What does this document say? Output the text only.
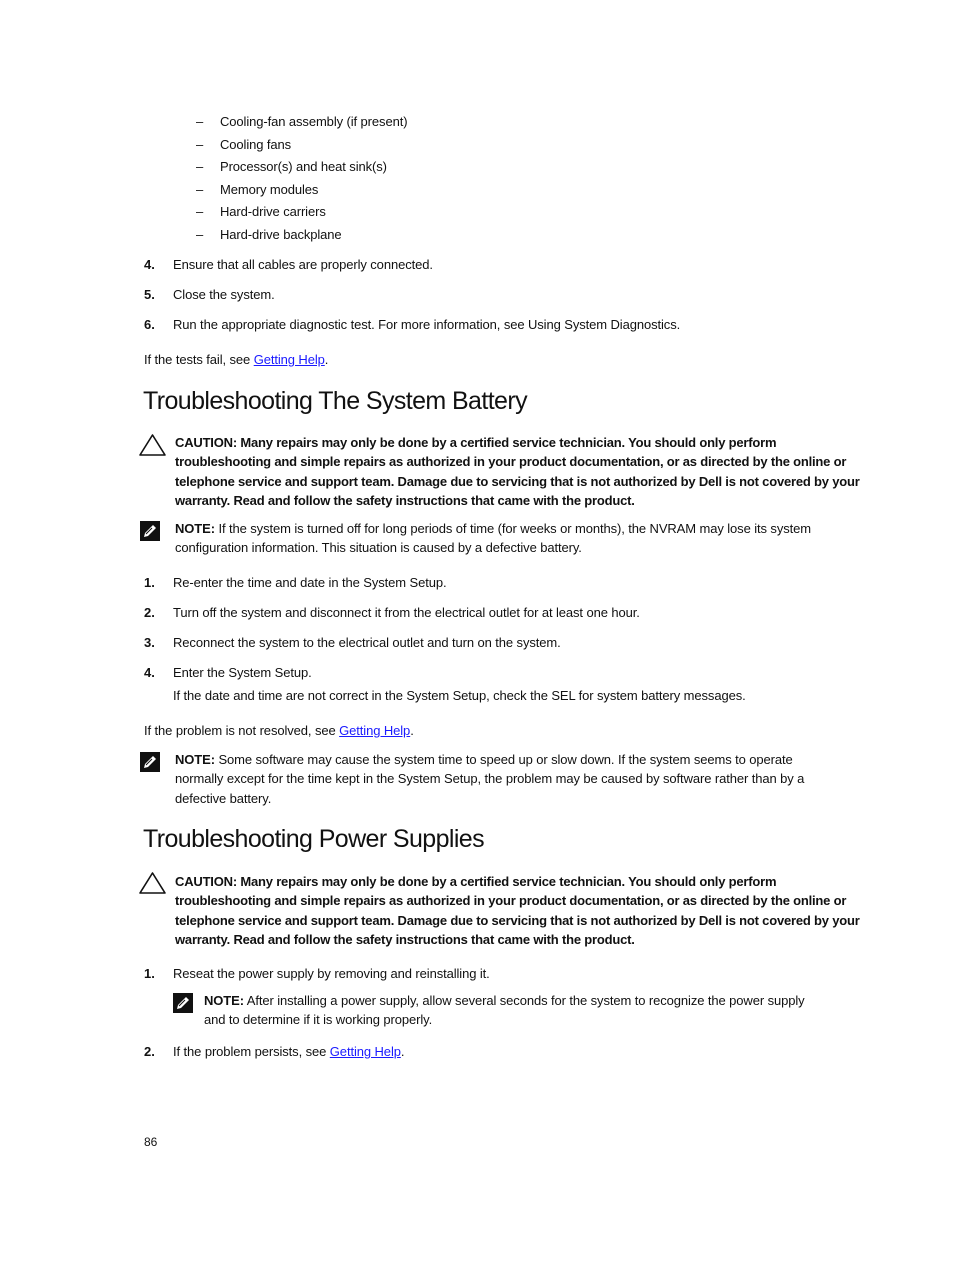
– Cooling-fan assembly (if present)
– Cooling fans
– Processor(s) and heat sink(s)
– Memory modules
– Hard-drive carriers
– Hard-drive backplane
4. Ensure that all cables are properly connected.
5. Close the system.
6. Run the appropriate diagnostic test. For more information, see Using System Diagnostics.
If the tests fail, see Getting Help.
Troubleshooting The System Battery
CAUTION: Many repairs may only be done by a certified service technician. You should only perform
troubleshooting and simple repairs as authorized in your product documentation, or as directed by the online or
telephone service and support team. Damage due to servicing that is not authorized by Dell is not covered by your
warranty. Read and follow the safety instructions that came with the product.
NOTE: If the system is turned off for long periods of time (for weeks or months), the NVRAM may lose its system
configuration information. This situation is caused by a defective battery.
1. Re-enter the time and date in the System Setup.
2. Turn off the system and disconnect it from the electrical outlet for at least one hour.
3. Reconnect the system to the electrical outlet and turn on the system.
4. Enter the System Setup.
If the date and time are not correct in the System Setup, check the SEL for system battery messages.
If the problem is not resolved, see Getting Help.
NOTE: Some software may cause the system time to speed up or slow down. If the system seems to operate
normally except for the time kept in the System Setup, the problem may be caused by software rather than by a
defective battery.
Troubleshooting Power Supplies
CAUTION: Many repairs may only be done by a certified service technician. You should only perform
troubleshooting and simple repairs as authorized in your product documentation, or as directed by the online or
telephone service and support team. Damage due to servicing that is not authorized by Dell is not covered by your
warranty. Read and follow the safety instructions that came with the product.
1. Reseat the power supply by removing and reinstalling it.
NOTE: After installing a power supply, allow several seconds for the system to recognize the power supply
and to determine if it is working properly.
2. If the problem persists, see Getting Help.
86
